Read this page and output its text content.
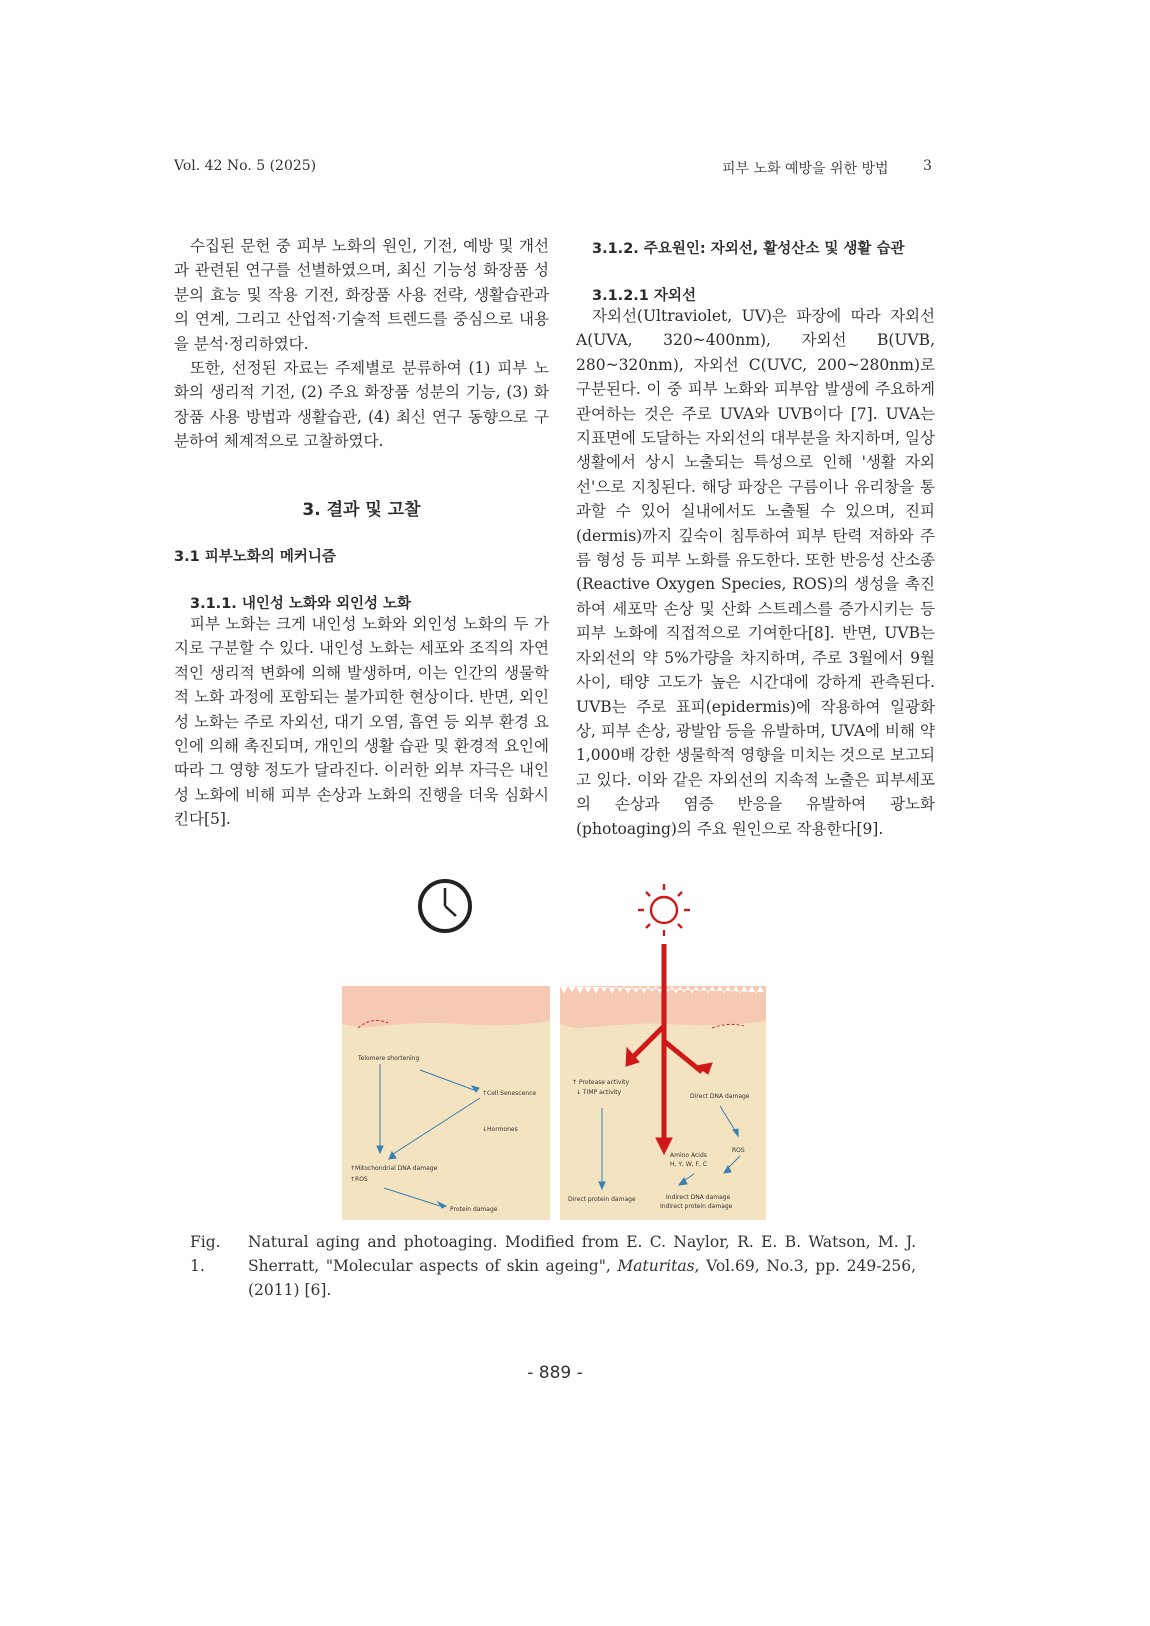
Vol. 42 No. 5 (2025)	피부 노화 예방을 위한 방법 3

수집된 문헌 중 피부 노화의 원인, 기전, 예방 및 개선과 관련된 연구를 선별하였으며, 최신 기능성 화장품 성분의 효능 및 작용 기전, 화장품 사용 전략, 생활습관과의 연계, 그리고 산업적·기술적 트렌드를 중심으로 내용을 분석·정리하였다.

또한, 선정된 자료는 주제별로 분류하여 (1) 피부 노화의 생리적 기전, (2) 주요 화장품 성분의 기능, (3) 화장품 사용 방법과 생활습관, (4) 최신 연구 동향으로 구분하여 체계적으로 고찰하였다.

3. 결과 및 고찰
3.1 피부노화의 메커니즘
3.1.1. 내인성 노화와 외인성 노화

피부 노화는 크게 내인성 노화와 외인성 노화의 두 가지로 구분할 수 있다. 내인성 노화는 세포와 조직의 자연적인 생리적 변화에 의해 발생하며, 이는 인간의 생물학적 노화 과정에 포함되는 불가피한 현상이다. 반면, 외인성 노화는 주로 자외선, 대기 오염, 흡연 등 외부 환경 요인에 의해 촉진되며, 개인의 생활 습관 및 환경적 요인에 따라 그 영향 정도가 달라진다. 이러한 외부 자극은 내인성 노화에 비해 피부 손상과 노화의 진행을 더욱 심화시킨다[5].

3.1.2. 주요원인: 자외선, 활성산소 및 생활 습관
3.1.2.1 자외선

자외선(Ultraviolet, UV)은 파장에 따라 자외선 A(UVA, 320~400nm), 자외선 B(UVB, 280~320nm), 자외선 C(UVC, 200~280nm)로 구분된다. 이 중 피부 노화와 피부암 발생에 주요하게 관여하는 것은 주로 UVA와 UVB이다 [7]. UVA는 지표면에 도달하는 자외선의 대부분을 차지하며, 일상생활에서 상시 노출되는 특성으로 인해 '생활 자외선'으로 지칭된다. 해당 파장은 구름이나 유리창을 통과할 수 있어 실내에서도 노출될 수 있으며, 진피(dermis)까지 깊숙이 침투하여 피부 탄력 저하와 주름 형성 등 피부 노화를 유도한다. 또한 반응성 산소종(Reactive Oxygen Species, ROS)의 생성을 촉진하여 세포막 손상 및 산화 스트레스를 증가시키는 등 피부 노화에 직접적으로 기여한다[8]. 반면, UVB는 자외선의 약 5%가량을 차지하며, 주로 3월에서 9월 사이, 태양 고도가 높은 시간대에 강하게 관측된다. UVB는 주로 표피(epidermis)에 작용하여 일광화상, 피부 손상, 광발암 등을 유발하며, UVA에 비해 약 1,000배 강한 생물학적 영향을 미치는 것으로 보고되고 있다. 이와 같은 자외선의 지속적 노출은 피부세포의 손상과 염증 반응을 유발하여 광노화(photoaging)의 주요 원인으로 작용한다[9].

Telomere shortening
↑Cell Senescence
↓Hormones
↑Mitochondrial DNA damage
↑ROS
Protein damage
↑ Protease activity
↓ TIMP activity
Direct DNA damage
ROS
Amino Acids
H, Y, W, F, C
Direct protein damage	Indirect DNA damage
Indirect protein damage
Fig. 1.
Natural aging and photoaging. Modified from E. C. Naylor, R. E. B. Watson, M. J. Sherratt, "Molecular aspects of skin ageing", Maturitas, Vol.69, No.3, pp. 249-256, (2011) [6].
- 889 -
